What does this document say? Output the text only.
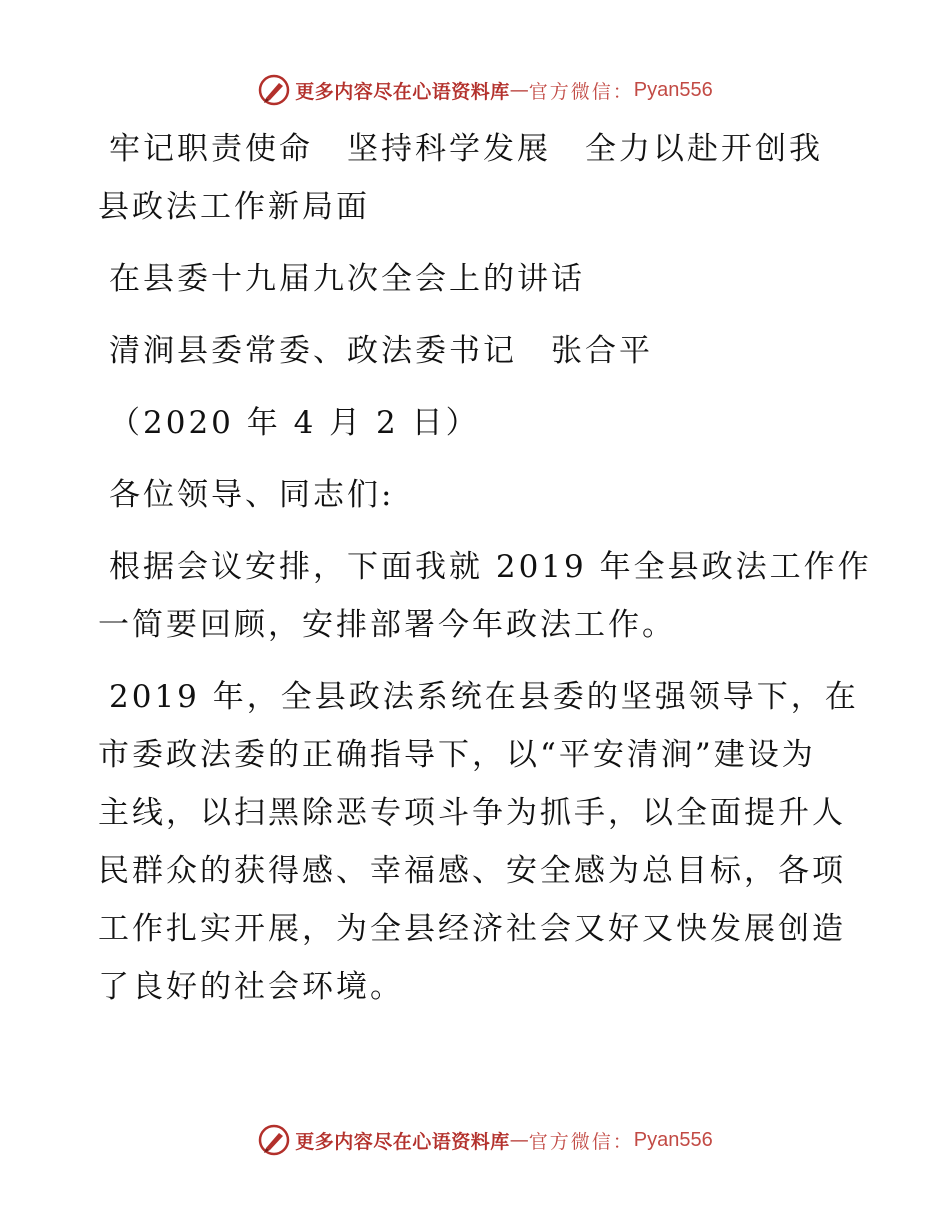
更多内容尽在心语资料库 — 官方微信： Pyan556
牢记职责使命　坚持科学发展　全力以赴开创我
县政法工作新局面
在县委十九届九次全会上的讲话
清涧县委常委、政法委书记　张合平
（2020 年 4 月 2 日）
各位领导、同志们:
根据会议安排，下面我就 2019 年全县政法工作作
一简要回顾，安排部署今年政法工作。
2019 年，全县政法系统在县委的坚强领导下，在
市委政法委的正确指导下，以“平安清涧”建设为
主线，以扫黑除恶专项斗争为抓手，以全面提升人
民群众的获得感、幸福感、安全感为总目标，各项
工作扎实开展，为全县经济社会又好又快发展创造
了良好的社会环境。
更多内容尽在心语资料库 — 官方微信： Pyan556
